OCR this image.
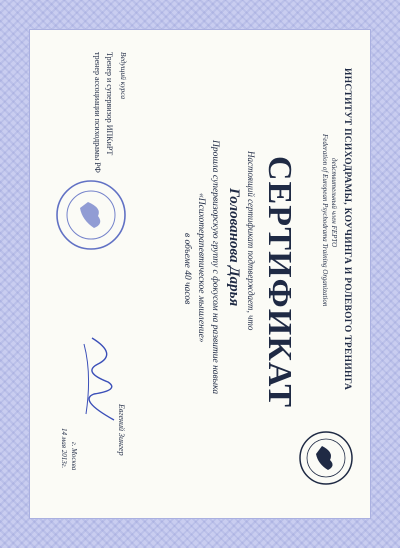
ИНСТИТУТ ПСИХОДРАМЫ, КОУЧИНГА И РОЛЕВОГО ТРЕНИНГА
действительный член FEPTO
Federation of European Psychodrama Training Organization
СЕРТИФИКАТ
Настоящий сертификат подтверждает, что
Голованова Дарья
Прошла супервизорскую группу с фокусом на развитие навыка
«Психотерапевтическое мышление»
в объеме 40 часов
Ведущий курса
Тренер и супервизор ИПКиРТ
тренер ассоциации психодрамы РФ
Евгений Зингер
г. Москва
14 мая 2013г.
